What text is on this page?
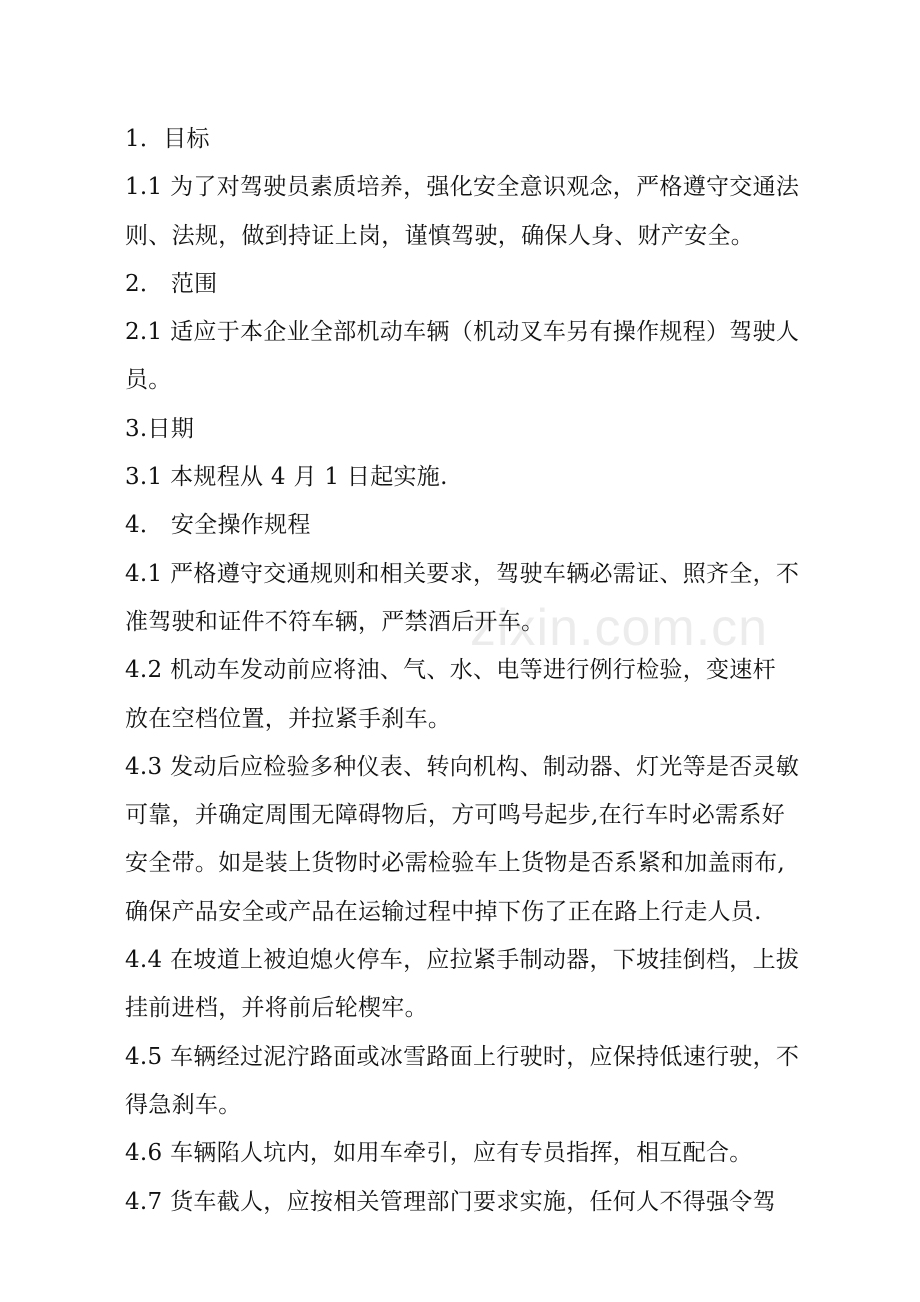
1．目标
1.1 为了对驾驶员素质培养，强化安全意识观念，严格遵守交通法
则、法规，做到持证上岗，谨慎驾驶，确保人身、财产安全。
2． 范围
2.1 适应于本企业全部机动车辆（机动叉车另有操作规程）驾驶人
员。
3.日期
3.1 本规程从 4 月 1 日起实施.
4． 安全操作规程
4.1 严格遵守交通规则和相关要求，驾驶车辆必需证、照齐全，不
准驾驶和证件不符车辆，严禁酒后开车。
4.2 机动车发动前应将油、气、水、电等进行例行检验，变速杆
放在空档位置，并拉紧手刹车。
4.3 发动后应检验多种仪表、转向机构、制动器、灯光等是否灵敏
可靠，并确定周围无障碍物后，方可鸣号起步,在行车时必需系好
安全带。如是装上货物时必需检验车上货物是否系紧和加盖雨布,
确保产品安全或产品在运输过程中掉下伤了正在路上行走人员.
4.4 在坡道上被迫熄火停车，应拉紧手制动器，下坡挂倒档，上拔
挂前进档，并将前后轮楔牢。
4.5 车辆经过泥泞路面或冰雪路面上行驶时，应保持低速行驶，不
得急刹车。
4.6 车辆陷人坑内，如用车牵引，应有专员指挥，相互配合。
4.7 货车截人，应按相关管理部门要求实施，任何人不得强令驾
zixin.com.cn
